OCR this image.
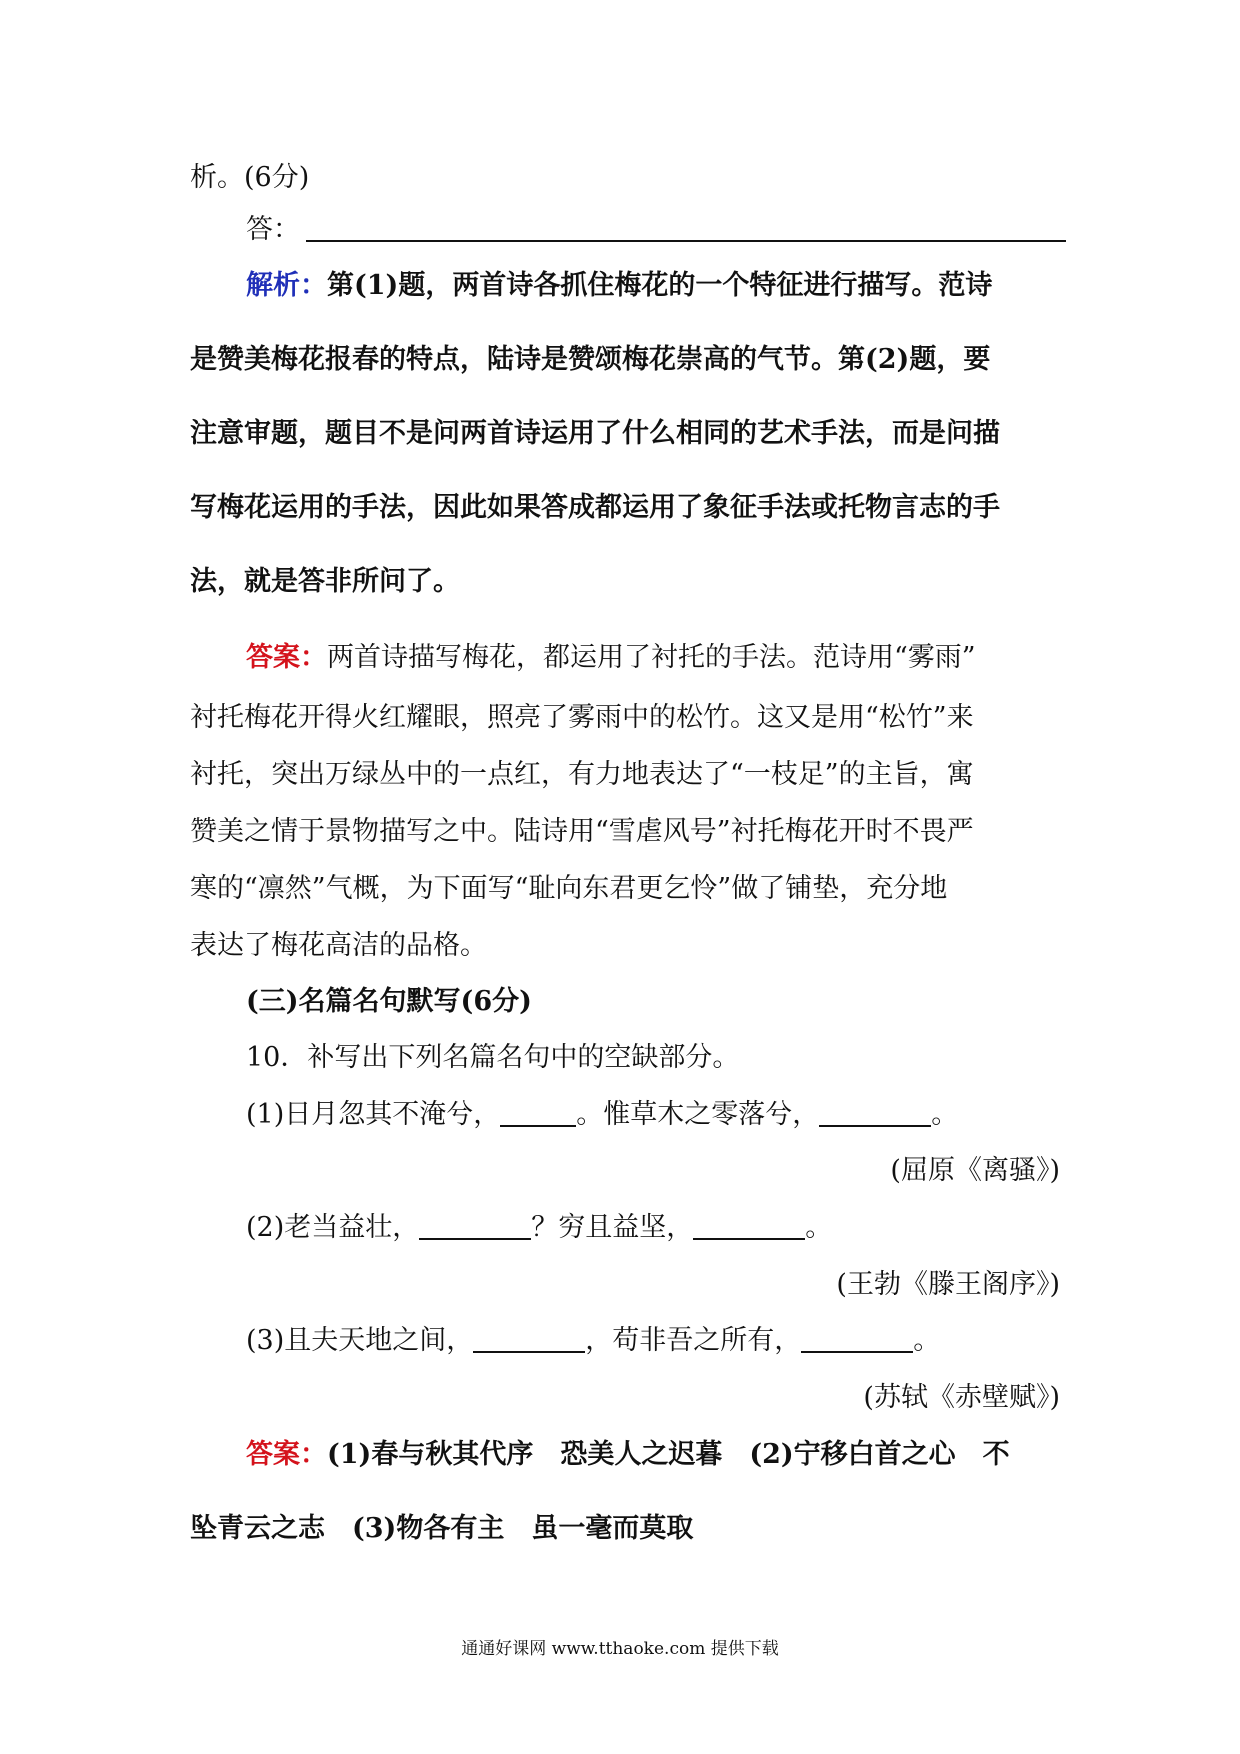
析。(6分)
答：
解析：第(1)题，两首诗各抓住梅花的一个特征进行描写。范诗
是赞美梅花报春的特点，陆诗是赞颂梅花崇高的气节。第(2)题，要
注意审题，题目不是问两首诗运用了什么相同的艺术手法，而是问描
写梅花运用的手法，因此如果答成都运用了象征手法或托物言志的手
法，就是答非所问了。
答案：两首诗描写梅花，都运用了衬托的手法。范诗用“雾雨”
衬托梅花开得火红耀眼，照亮了雾雨中的松竹。这又是用“松竹”来
衬托，突出万绿丛中的一点红，有力地表达了“一枝足”的主旨，寓
赞美之情于景物描写之中。陆诗用“雪虐风号”衬托梅花开时不畏严
寒的“凛然”气概，为下面写“耻向东君更乞怜”做了铺垫，充分地
表达了梅花高洁的品格。
(三)名篇名句默写(6分)
10．补写出下列名篇名句中的空缺部分。
(1)日月忽其不淹兮，	。惟草木之零落兮，	。
(屈原《离骚》)
(2)老当益壮，	？穷且益坚，	。
(王勃《滕王阁序》)
(3)且夫天地之间，	，苟非吾之所有，	。
(苏轼《赤壁赋》)
答案：(1)春与秋其代序　恐美人之迟暮　(2)宁移白首之心　不
坠青云之志　(3)物各有主　虽一毫而莫取
通通好课网 www.tthaoke.com 提供下载
